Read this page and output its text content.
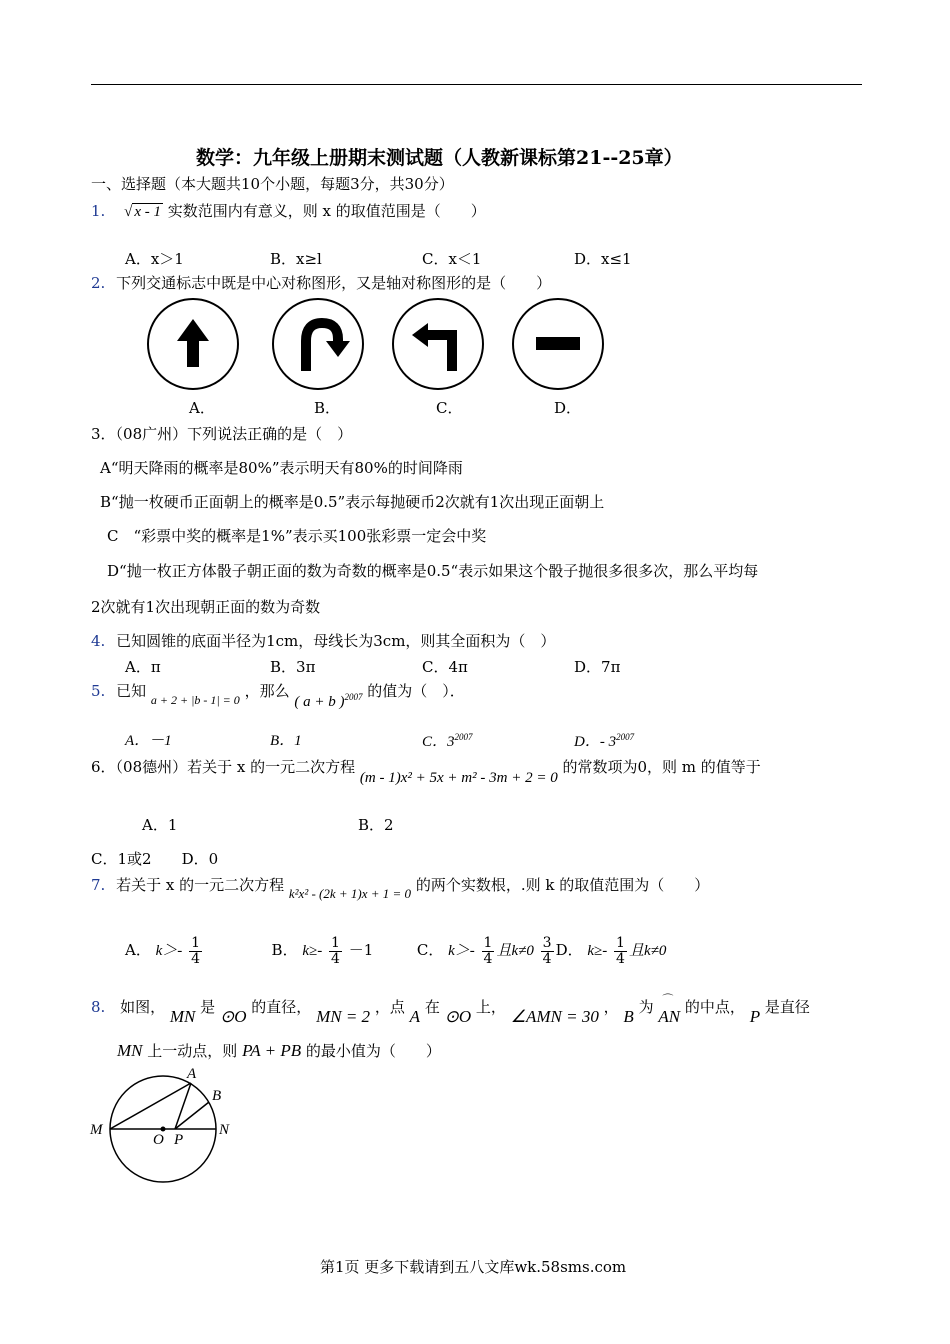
数学：九年级上册期末测试题（人教新课标第21--25章）
一、选择题（本大题共10个小题，每题3分，共30分）
1. √ x - 1 实数范围内有意义，则 x 的取值范围是（　　）
A．x＞1	B．x≥l	C．x＜1	D．x≤1
2. 下列交通标志中既是中心对称图形，又是轴对称图形的是（　　）
A．	B．	C．	D．
3．（08广州）下列说法正确的是（　）
A“明天降雨的概率是80%”表示明天有80%的时间降雨
B“抛一枚硬币正面朝上的概率是0.5”表示每抛硬币2次就有1次出现正面朝上
C　“彩票中奖的概率是1%”表示买100张彩票一定会中奖
D“抛一枚正方体骰子朝正面的数为奇数的概率是0.5“表示如果这个骰子抛很多很多次，那么平均每
2次就有1次出现朝正面的数为奇数
4. 已知圆锥的底面半径为1cm，母线长为3cm，则其全面积为（　）
A．π	B．3π	C．4π	D．7π
5. 已知 $_{a + 2 + |b - 1| = 0}$ ，那么 ( a + b )$^{2007}$ 的值为（　）．
A．－1	B．1	C．$3^{2007}$	D．- $3^{2007}$
6．（08德州）若关于 x 的一元二次方程 (m - 1)x² + 5x + m² - 3m + 2 = 0 的常数项为0，则 m 的值等于
A．1	B．2
C．1或2　　D．0
7. 若关于 x 的一元二次方程 k²x² - (2k + 1)x + 1 = 0 的两个实数根，.则 k 的取值范围为（　　）
A． $k>- \frac{1}{4}$	B． $k\ge- \frac{1}{4} -1$	C． $k>- \frac{1}{4}$ 且$k\ne 0 \frac{3}{4}$ D． $k\ge- \frac{1}{4}$ 且k≠0
8. 如图， MN 是 ⊙O 的直径， MN = 2 ，点 A 在 ⊙O 上， ∠AMN = 30 ， B 为 ⌒
AN 的中点， P 是直径
MN 上一动点，则 PA + PB 的最小值为（　　）
A
B
M	N
O P
第1页 更多下载请到五八文库wk.58sms.com
